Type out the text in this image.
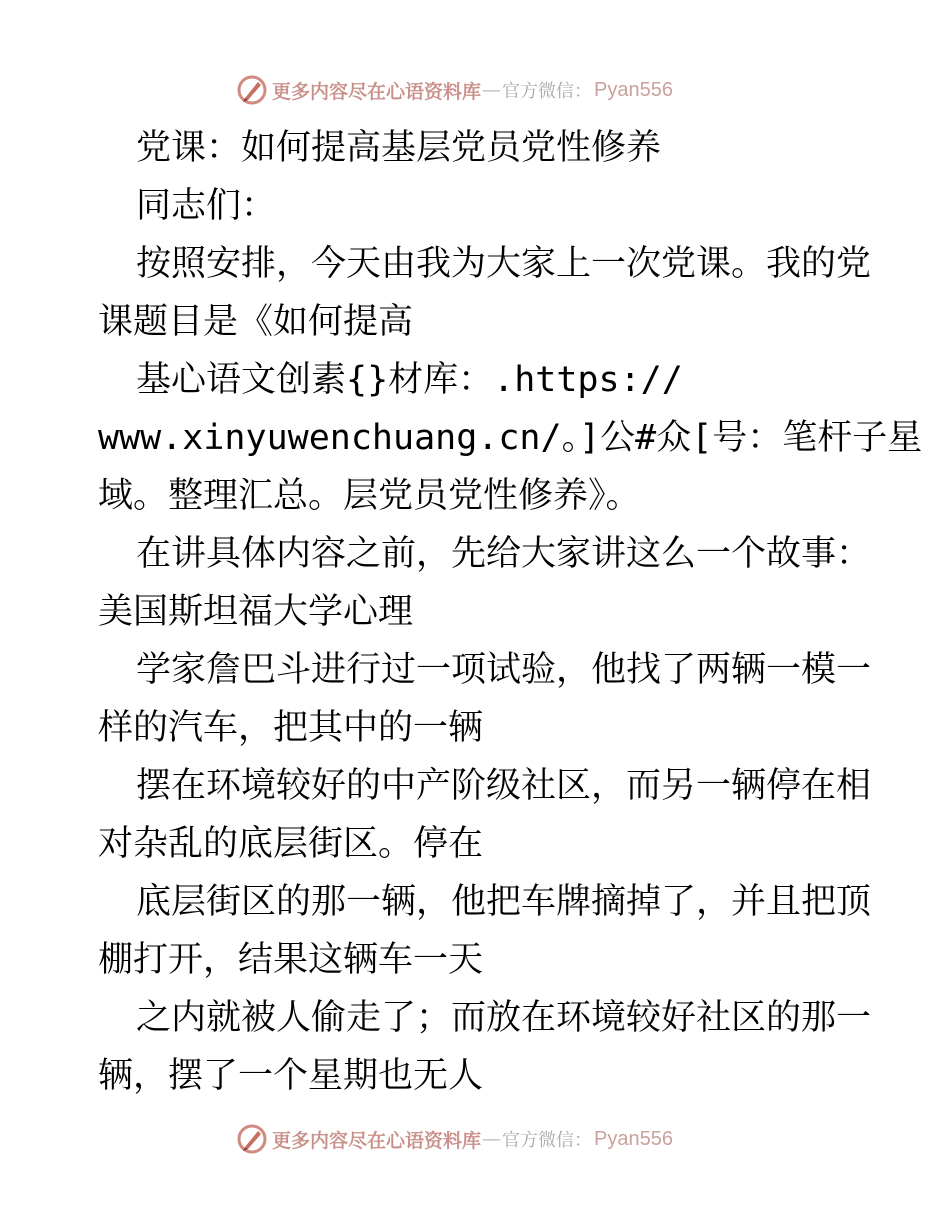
更多内容尽在心语资料库 — 官方微信： Pyan556
党课：如何提高基层党员党性修养
同志们：
按照安排，今天由我为大家上一次党课。我的党
课题目是《如何提高
基心语文创素{}材库：.https://
www.xinyuwenchuang.cn/。]公#众[号：笔杆子星
域。整理汇总。层党员党性修养》。
在讲具体内容之前，先给大家讲这么一个故事：
美国斯坦福大学心理
学家詹巴斗进行过一项试验，他找了两辆一模一
样的汽车，把其中的一辆
摆在环境较好的中产阶级社区，而另一辆停在相
对杂乱的底层街区。停在
底层街区的那一辆，他把车牌摘掉了，并且把顶
棚打开，结果这辆车一天
之内就被人偷走了；而放在环境较好社区的那一
辆，摆了一个星期也无人
更多内容尽在心语资料库 — 官方微信： Pyan556
